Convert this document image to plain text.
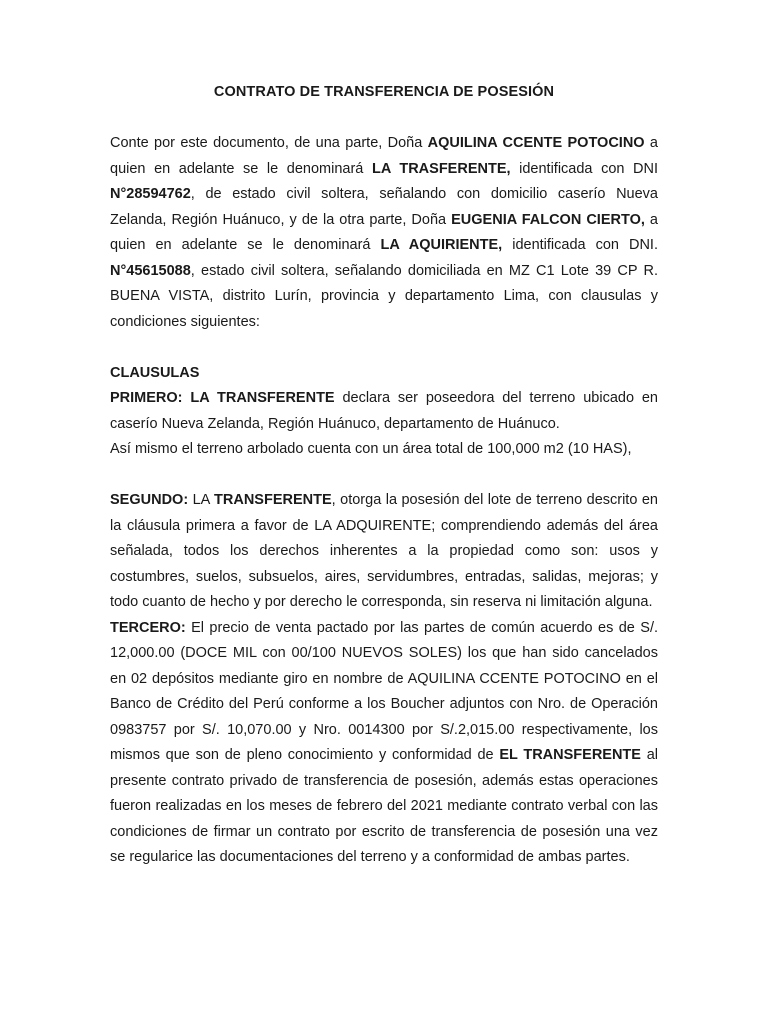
CONTRATO DE TRANSFERENCIA DE POSESIÓN

Conte por este documento, de una parte, Doña AQUILINA CCENTE POTOCINO a quien en adelante se le denominará LA TRASFERENTE, identificada con DNI N°28594762, de estado civil soltera, señalando con domicilio caserío Nueva Zelanda, Región Huánuco, y de la otra parte, Doña EUGENIA FALCON CIERTO, a quien en adelante se le denominará LA AQUIRIENTE, identificada con DNI. N°45615088, estado civil soltera, señalando domiciliada en MZ C1 Lote 39 CP R. BUENA VISTA, distrito Lurín, provincia y departamento Lima, con clausulas y condiciones siguientes:

CLAUSULAS

PRIMERO: LA TRANSFERENTE declara ser poseedora del terreno ubicado en caserío Nueva Zelanda, Región Huánuco, departamento de Huánuco.

Así mismo el terreno arbolado cuenta con un área total de 100,000 m2 (10 HAS),

SEGUNDO: LA TRANSFERENTE, otorga la posesión del lote de terreno descrito en la cláusula primera a favor de LA ADQUIRENTE; comprendiendo además del área señalada, todos los derechos inherentes a la propiedad como son: usos y costumbres, suelos, subsuelos, aires, servidumbres, entradas, salidas, mejoras; y todo cuanto de hecho y por derecho le corresponda, sin reserva ni limitación alguna.

TERCERO: El precio de venta pactado por las partes de común acuerdo es de S/. 12,000.00 (DOCE MIL con 00/100 NUEVOS SOLES) los que han sido cancelados en 02 depósitos mediante giro en nombre de AQUILINA CCENTE POTOCINO en el Banco de Crédito del Perú conforme a los Boucher adjuntos con Nro. de Operación 0983757 por S/. 10,070.00 y Nro. 0014300 por S/.2,015.00 respectivamente, los mismos que son de pleno conocimiento y conformidad de EL TRANSFERENTE al presente contrato privado de transferencia de posesión, además estas operaciones fueron realizadas en los meses de febrero del 2021 mediante contrato verbal con las condiciones de firmar un contrato por escrito de transferencia de posesión una vez se regularice las documentaciones del terreno y a conformidad de ambas partes.
